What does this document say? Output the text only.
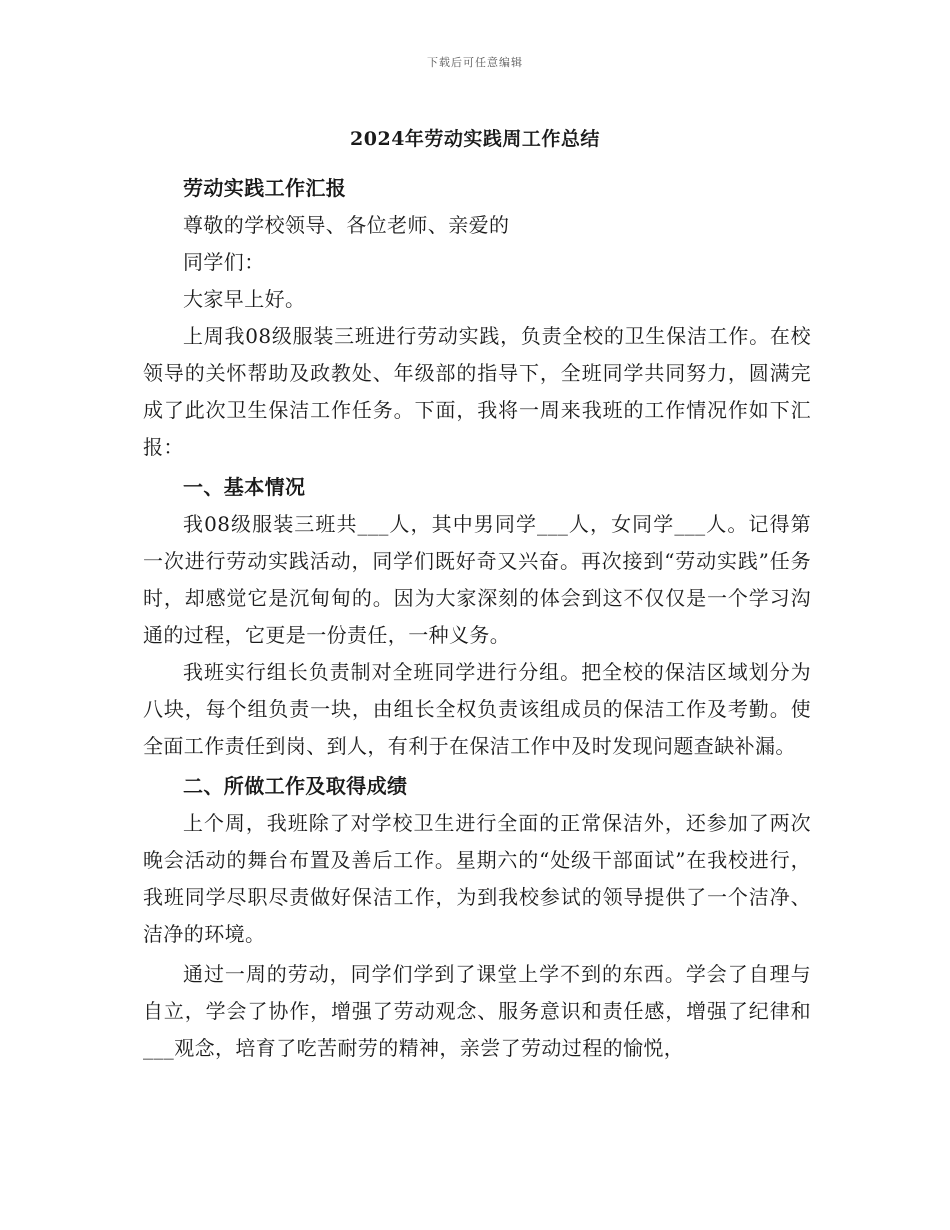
下载后可任意编辑
2024年劳动实践周工作总结

劳动实践工作汇报

尊敬的学校领导、各位老师、亲爱的

同学们：

大家早上好。

上周我08级服装三班进行劳动实践，负责全校的卫生保洁工作。在校领导的关怀帮助及政教处、年级部的指导下，全班同学共同努力，圆满完成了此次卫生保洁工作任务。下面，我将一周来我班的工作情况作如下汇报：

一、基本情况

我08级服装三班共___人，其中男同学___人，女同学___人。记得第一次进行劳动实践活动，同学们既好奇又兴奋。再次接到“劳动实践”任务时，却感觉它是沉甸甸的。因为大家深刻的体会到这不仅仅是一个学习沟通的过程，它更是一份责任，一种义务。

我班实行组长负责制对全班同学进行分组。把全校的保洁区域划分为八块，每个组负责一块，由组长全权负责该组成员的保洁工作及考勤。使全面工作责任到岗、到人，有利于在保洁工作中及时发现问题查缺补漏。

二、所做工作及取得成绩

上个周，我班除了对学校卫生进行全面的正常保洁外，还参加了两次晚会活动的舞台布置及善后工作。星期六的“处级干部面试”在我校进行，我班同学尽职尽责做好保洁工作，为到我校参试的领导提供了一个洁净、洁净的环境。

通过一周的劳动，同学们学到了课堂上学不到的东西。学会了自理与自立，学会了协作，增强了劳动观念、服务意识和责任感，增强了纪律和___观念，培育了吃苦耐劳的精神，亲尝了劳动过程的愉悦，
